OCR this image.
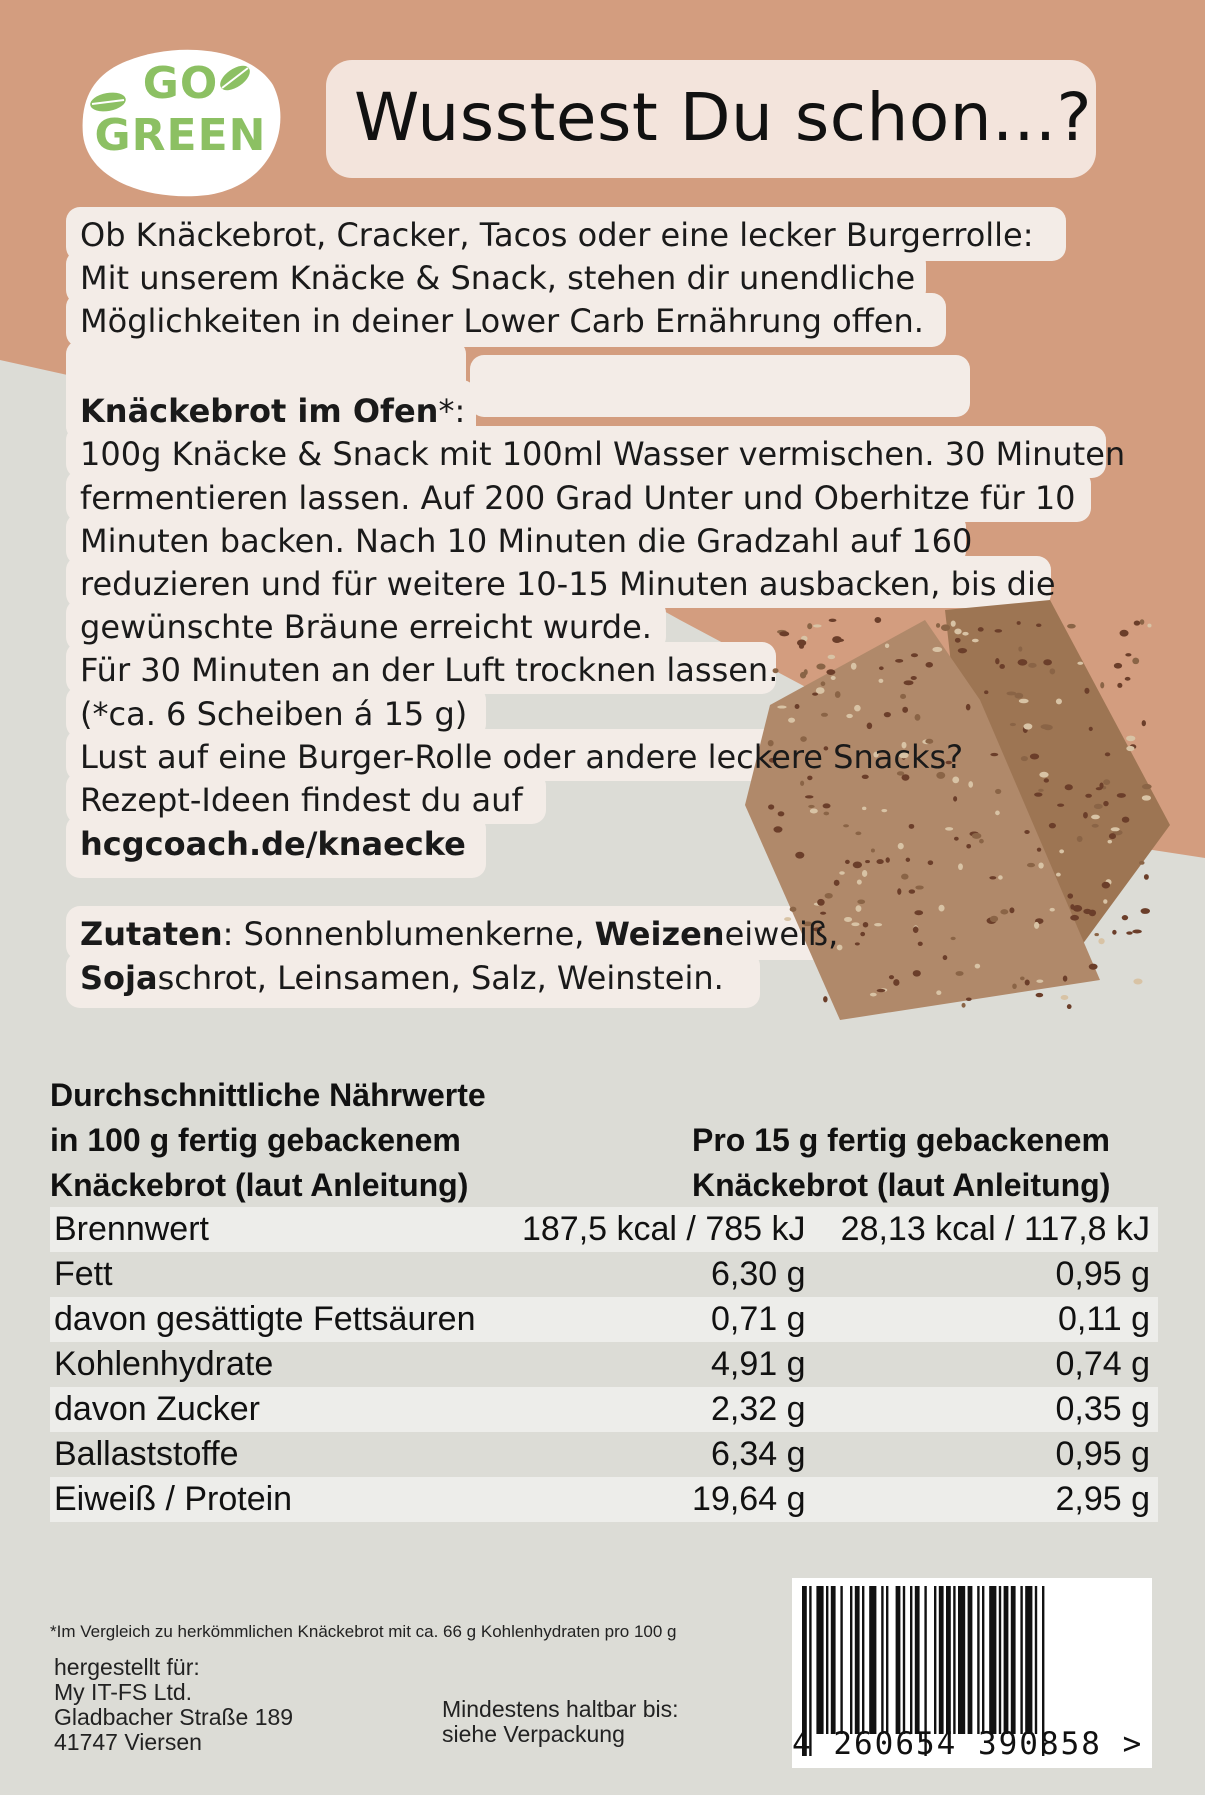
GO
GREEN Wusstest Du schon...?
Ob Knäckebrot, Cracker, Tacos oder eine lecker Burgerrolle:
Mit unserem Knäcke & Snack, stehen dir unendliche
Möglichkeiten in deiner Lower Carb Ernährung offen.
Knäckebrot im Ofen*:
100g Knäcke & Snack mit 100ml Wasser vermischen. 30 Minuten
fermentieren lassen. Auf 200 Grad Unter und Oberhitze für 10
Minuten backen. Nach 10 Minuten die Gradzahl auf 160
reduzieren und für weitere 10-15 Minuten ausbacken, bis die
gewünschte Bräune erreicht wurde.
Für 30 Minuten an der Luft trocknen lassen.
(*ca. 6 Scheiben á 15 g)
Lust auf eine Burger-Rolle oder andere leckere Snacks?
Rezept-Ideen findest du auf
hcgcoach.de/knaecke
Zutaten: Sonnenblumenkerne, Weizeneiweiß,
Sojaschrot, Leinsamen, Salz, Weinstein.
Durchschnittliche Nährwerte
in 100 g fertig gebackenem
Knäckebrot (laut Anleitung)
Pro 15 g fertig gebackenem
Knäckebrot (laut Anleitung)
Brennwert	187,5 kcal / 785 kJ	28,13 kcal / 117,8 kJ
Fett	6,30 g	0,95 g
davon gesättigte Fettsäuren	0,71 g	0,11 g
Kohlenhydrate	4,91 g	0,74 g
davon Zucker	2,32 g	0,35 g
Ballaststoffe	6,34 g	0,95 g
Eiweiß / Protein	19,64 g	2,95 g
*Im Vergleich zu herkömmlichen Knäckebrot mit ca. 66 g Kohlenhydraten pro 100 g
hergestellt für:
My IT-FS Ltd.
Gladbacher Straße 189
41747 Viersen
Mindestens haltbar bis:
siehe Verpackung	4 260654 390858 >
